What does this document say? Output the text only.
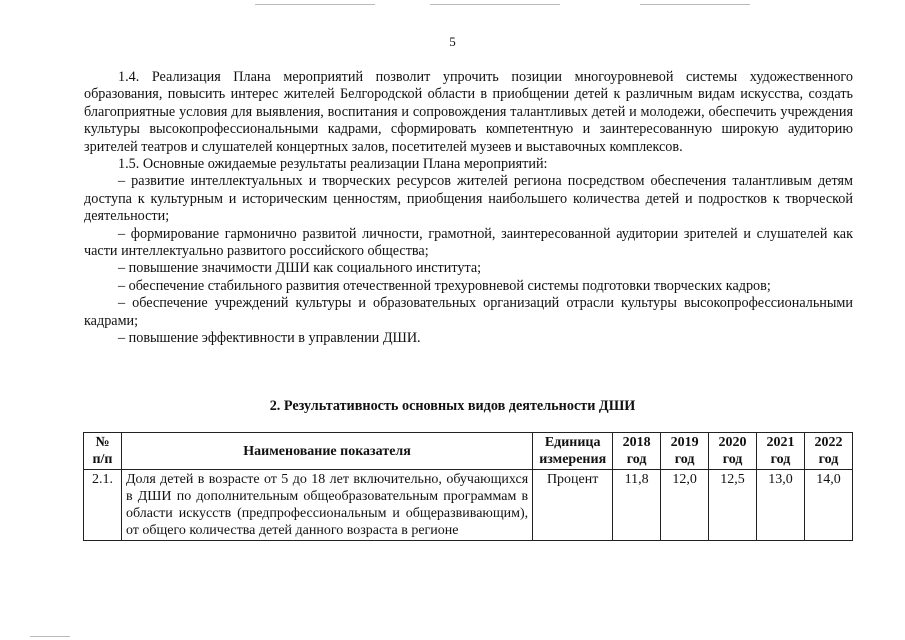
5

1.4. Реализация Плана мероприятий позволит упрочить позиции многоуровневой системы художественного образования, повысить интерес жителей Белгородской области в приобщении детей к различным видам искусства, создать благоприятные условия для выявления, воспитания и сопровождения талантливых детей и молодежи, обеспечить учреждения культуры высокопрофессиональными кадрами, сформировать компетентную и заинтересованную широкую аудиторию зрителей театров и слушателей концертных залов, посетителей музеев и выставочных комплексов.

1.5. Основные ожидаемые результаты реализации Плана мероприятий:

– развитие интеллектуальных и творческих ресурсов жителей региона посредством обеспечения талантливым детям доступа к культурным и историческим ценностям, приобщения наибольшего количества детей и подростков к творческой деятельности;

– формирование гармонично развитой личности, грамотной, заинтересованной аудитории зрителей и слушателей как части интеллектуально развитого российского общества;

– повышение значимости ДШИ как социального института;

– обеспечение стабильного развития отечественной трехуровневой системы подготовки творческих кадров;

– обеспечение учреждений культуры и образовательных организаций отрасли культуры высокопрофессиональными кадрами;

– повышение эффективности в управлении ДШИ.

2. Результативность основных видов деятельности ДШИ
№ п/п	Наименование показателя	Единица измерения	2018 год	2019 год	2020 год	2021 год	2022 год
2.1.	Доля детей в возрасте от 5 до 18 лет включительно, обучающихся в ДШИ по дополнительным общеобразовательным программам в области искусств (предпрофессиональным и общеразвивающим), от общего количества детей данного возраста в регионе	Процент	11,8	12,0	12,5	13,0	14,0
